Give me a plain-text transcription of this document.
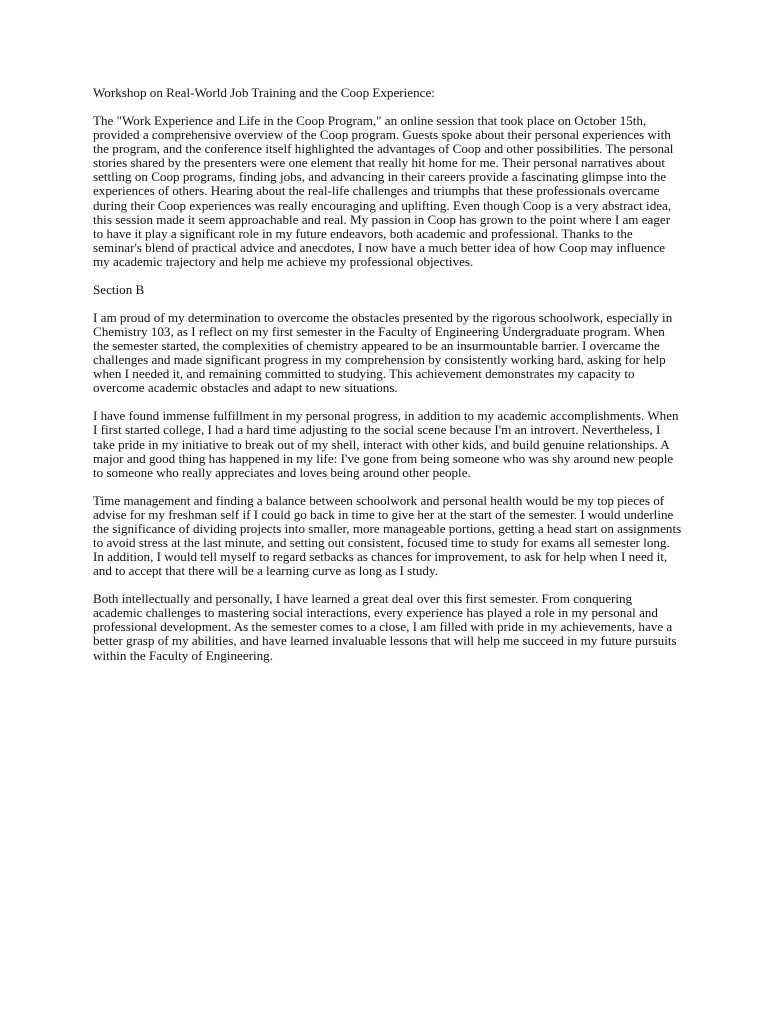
Workshop on Real-World Job Training and the Coop Experience:

The "Work Experience and Life in the Coop Program," an online session that took place on October 15th, provided a comprehensive overview of the Coop program. Guests spoke about their personal experiences with the program, and the conference itself highlighted the advantages of Coop and other possibilities. The personal stories shared by the presenters were one element that really hit home for me. Their personal narratives about settling on Coop programs, finding jobs, and advancing in their careers provide a fascinating glimpse into the experiences of others. Hearing about the real-life challenges and triumphs that these professionals overcame during their Coop experiences was really encouraging and uplifting. Even though Coop is a very abstract idea, this session made it seem approachable and real. My passion in Coop has grown to the point where I am eager to have it play a significant role in my future endeavors, both academic and professional. Thanks to the seminar's blend of practical advice and anecdotes, I now have a much better idea of how Coop may influence my academic trajectory and help me achieve my professional objectives.

Section B

I am proud of my determination to overcome the obstacles presented by the rigorous schoolwork, especially in Chemistry 103, as I reflect on my first semester in the Faculty of Engineering Undergraduate program. When the semester started, the complexities of chemistry appeared to be an insurmountable barrier. I overcame the challenges and made significant progress in my comprehension by consistently working hard, asking for help when I needed it, and remaining committed to studying. This achievement demonstrates my capacity to overcome academic obstacles and adapt to new situations.

I have found immense fulfillment in my personal progress, in addition to my academic accomplishments. When I first started college, I had a hard time adjusting to the social scene because I'm an introvert. Nevertheless, I take pride in my initiative to break out of my shell, interact with other kids, and build genuine relationships. A major and good thing has happened in my life: I've gone from being someone who was shy around new people to someone who really appreciates and loves being around other people.

Time management and finding a balance between schoolwork and personal health would be my top pieces of advise for my freshman self if I could go back in time to give her at the start of the semester. I would underline the significance of dividing projects into smaller, more manageable portions, getting a head start on assignments to avoid stress at the last minute, and setting out consistent, focused time to study for exams all semester long. In addition, I would tell myself to regard setbacks as chances for improvement, to ask for help when I need it, and to accept that there will be a learning curve as long as I study.

Both intellectually and personally, I have learned a great deal over this first semester. From conquering academic challenges to mastering social interactions, every experience has played a role in my personal and professional development. As the semester comes to a close, I am filled with pride in my achievements, have a better grasp of my abilities, and have learned invaluable lessons that will help me succeed in my future pursuits within the Faculty of Engineering.
